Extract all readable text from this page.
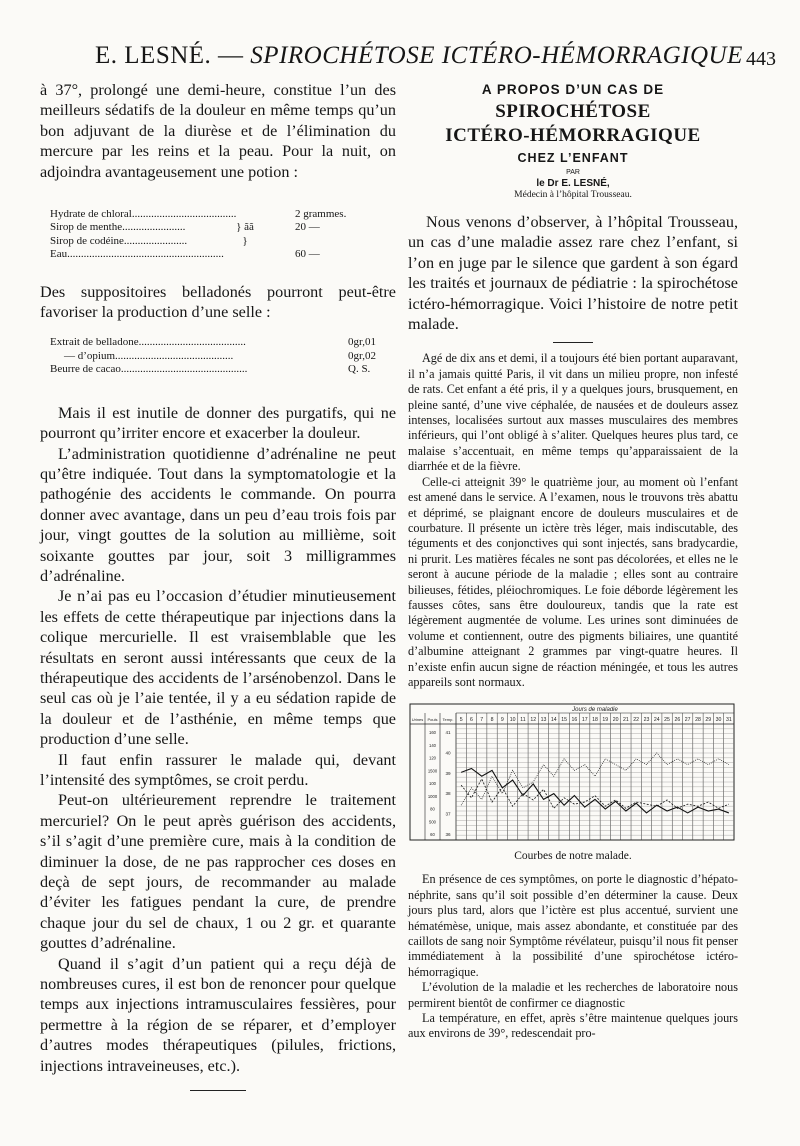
E. LESNÉ. — SPIROCHÉTOSE ICTÉRO-HÉMORRAGIQUE 443

à 37°, prolongé une demi-heure, constitue l’un des meilleurs sédatifs de la douleur en même temps qu’un bon adjuvant de la diurèse et de l’élimination du mercure par les reins et la peau. Pour la nuit, on adjoindra avantageusement une potion :

Hydrate de chloral......................................	2 grammes.
Sirop de menthe.......................	} ãã	20 —
Sirop de codéine.......................	}
Eau.........................................................	60 —

Des suppositoires belladonés pourront peut-être favoriser la production d’une selle :

Extrait de belladone.......................................	0gr,01
— d’opium...........................................	0gr,02
Beurre de cacao..............................................	Q. S.

Mais il est inutile de donner des purgatifs, qui ne pourront qu’irriter encore et exacerber la douleur.

L’administration quotidienne d’adrénaline ne peut qu’être indiquée. Tout dans la symptomatologie et la pathogénie des accidents le commande. On pourra donner avec avantage, dans un peu d’eau trois fois par jour, vingt gouttes de la solution au millième, soit soixante gouttes par jour, soit 3 milligrammes d’adrénaline.

Je n’ai pas eu l’occasion d’étudier minutieusement les effets de cette thérapeutique par injections dans la colique mercurielle. Il est vraisemblable que les résultats en seront aussi intéressants que ceux de la thérapeutique des accidents de l’arsénobenzol. Dans le seul cas où je l’aie tentée, il y a eu sédation rapide de la douleur et de l’asthénie, en même temps que production d’une selle.

Il faut enfin rassurer le malade qui, devant l’intensité des symptômes, se croit perdu.

Peut-on ultérieurement reprendre le traitement mercuriel? On le peut après guérison des accidents, s’il s’agit d’une première cure, mais à la condition de diminuer la dose, de ne pas rapprocher ces doses en deçà de sept jours, de recommander au malade d’éviter les fatigues pendant la cure, de prendre chaque jour du sel de chaux, 1 ou 2 gr. et quarante gouttes d’adrénaline.

Quand il s’agit d’un patient qui a reçu déjà de nombreuses cures, il est bon de renoncer pour quelque temps aux injections intramusculaires fessières, pour permettre à la région de se réparer, et d’employer d’autres modes thérapeutiques (pilules, frictions, injections intraveineuses, etc.).

A PROPOS D’UN CAS DE
SPIROCHÉTOSE
ICTÉRO-HÉMORRAGIQUE
CHEZ L’ENFANT
PAR
le Dr E. LESNÉ,
Médecin à l’hôpital Trousseau.

Nous venons d’observer, à l’hôpital Trousseau, un cas d’une maladie assez rare chez l’enfant, si l’on en juge par le silence que gardent à son égard les traités et journaux de pédiatrie : la spirochétose ictéro-hémorragique. Voici l’histoire de notre petit malade.

Agé de dix ans et demi, il a toujours été bien portant auparavant, il n’a jamais quitté Paris, il vit dans un milieu propre, non infesté de rats. Cet enfant a été pris, il y a quelques jours, brusquement, en pleine santé, d’une vive céphalée, de nausées et de douleurs assez intenses, localisées surtout aux masses musculaires des membres inférieurs, qui l’ont obligé à s’aliter. Quelques heures plus tard, ce malaise s’accentuait, en même temps qu’apparaissaient de la diarrhée et de la fièvre.

Celle-ci atteignit 39° le quatrième jour, au moment où l’enfant est amené dans le service. A l’examen, nous le trouvons très abattu et déprimé, se plaignant encore de douleurs musculaires et de courbature. Il présente un ictère très léger, mais indiscutable, des téguments et des conjonctives qui sont injectés, sans bradycardie, ni prurit. Les matières fécales ne sont pas décolorées, et elles ne le seront à aucune période de la maladie ; elles sont au contraire bilieuses, fétides, pléiochromiques. Le foie déborde légèrement les fausses côtes, sans être douloureux, tandis que la rate est légèrement augmentée de volume. Les urines sont diminuées de volume et contiennent, outre des pigments biliaires, une quantité d’albumine atteignant 2 grammes par vingt-quatre heures. Il n’existe enfin aucun signe de réaction méningée, et tous les autres appareils sont normaux.

Jours de maladie
Urines Pouls Temp. 5 6 7 8 9 10 11 12 13 14 15 16 17 18 19 20 21 22 23 24 25 26 27 28 29 30 31
160
140
120
1500
100
1000
80
500
60
41
40
39
38
37
36
Courbes de notre malade.

En présence de ces symptômes, on porte le diagnostic d’hépato-néphrite, sans qu’il soit possible d’en déterminer la cause. Deux jours plus tard, alors que l’ictère est plus accentué, survient une hématémèse, unique, mais assez abondante, et constituée par des caillots de sang noir Symptôme révélateur, puisqu’il nous fit penser immédiatement à la possibilité d’une spirochétose ictéro-hémorragique.

L’évolution de la maladie et les recherches de laboratoire nous permirent bientôt de confirmer ce diagnostic

La température, en effet, après s’être maintenue quelques jours aux environs de 39°, redescendait pro-
